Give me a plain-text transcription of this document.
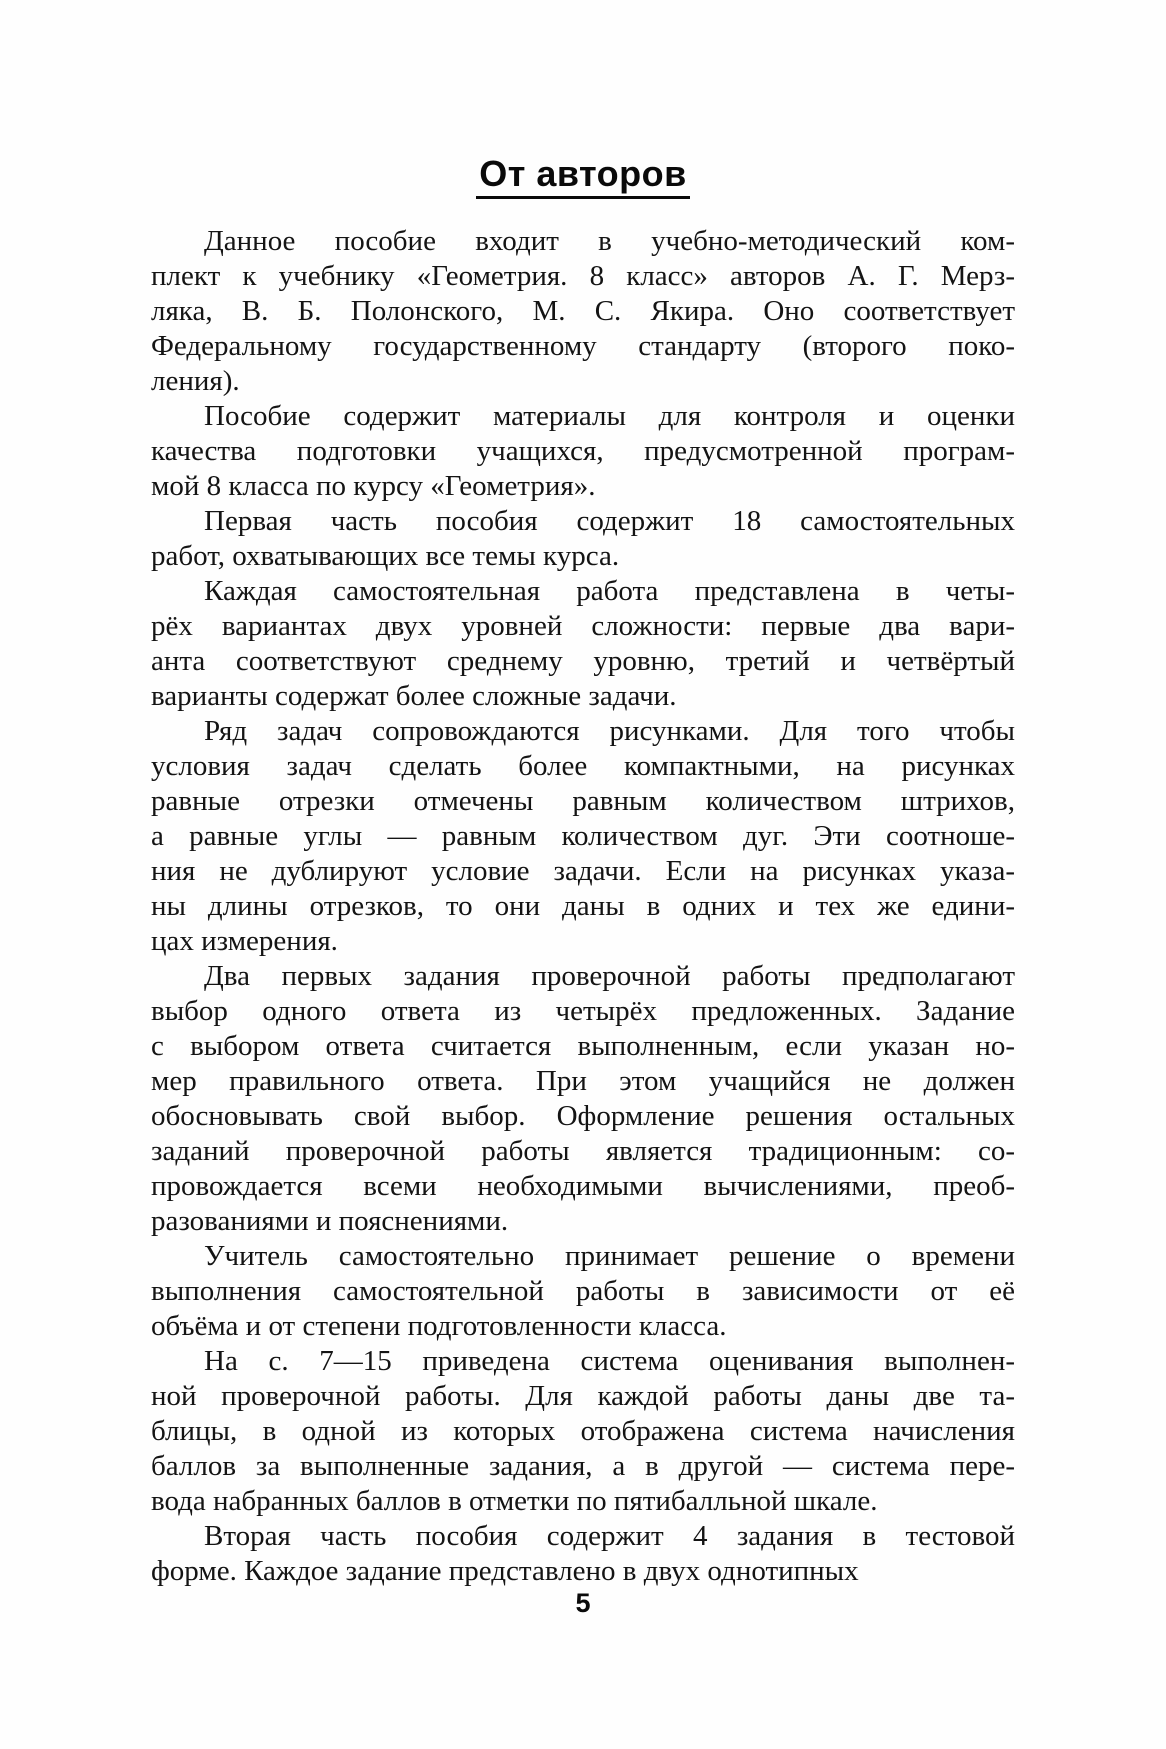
От авторов
Данное пособие входит в учебно-методический ком-
плект к учебнику «Геометрия. 8 класс» авторов А. Г. Мерз-
ляка, В. Б. Полонского, М. С. Якира. Оно соответствует
Федеральному государственному стандарту (второго поко-
ления).
Пособие содержит материалы для контроля и оценки
качества подготовки учащихся, предусмотренной програм-
мой 8 класса по курсу «Геометрия».
Первая часть пособия содержит 18 самостоятельных
работ, охватывающих все темы курса.
Каждая самостоятельная работа представлена в четы-
рёх вариантах двух уровней сложности: первые два вари-
анта соответствуют среднему уровню, третий и четвёртый
варианты содержат более сложные задачи.
Ряд задач сопровождаются рисунками. Для того чтобы
условия задач сделать более компактными, на рисунках
равные отрезки отмечены равным количеством штрихов,
а равные углы — равным количеством дуг. Эти соотноше-
ния не дублируют условие задачи. Если на рисунках указа-
ны длины отрезков, то они даны в одних и тех же едини-
цах измерения.
Два первых задания проверочной работы предполагают
выбор одного ответа из четырёх предложенных. Задание
с выбором ответа считается выполненным, если указан но-
мер правильного ответа. При этом учащийся не должен
обосновывать свой выбор. Оформление решения остальных
заданий проверочной работы является традиционным: со-
провождается всеми необходимыми вычислениями, преоб-
разованиями и пояснениями.
Учитель самостоятельно принимает решение о времени
выполнения самостоятельной работы в зависимости от её
объёма и от степени подготовленности класса.
На с. 7—15 приведена система оценивания выполнен-
ной проверочной работы. Для каждой работы даны две та-
блицы, в одной из которых отображена система начисления
баллов за выполненные задания, а в другой — система пере-
вода набранных баллов в отметки по пятибалльной шкале.
Вторая часть пособия содержит 4 задания в тестовой
форме. Каждое задание представлено в двух однотипных
5
